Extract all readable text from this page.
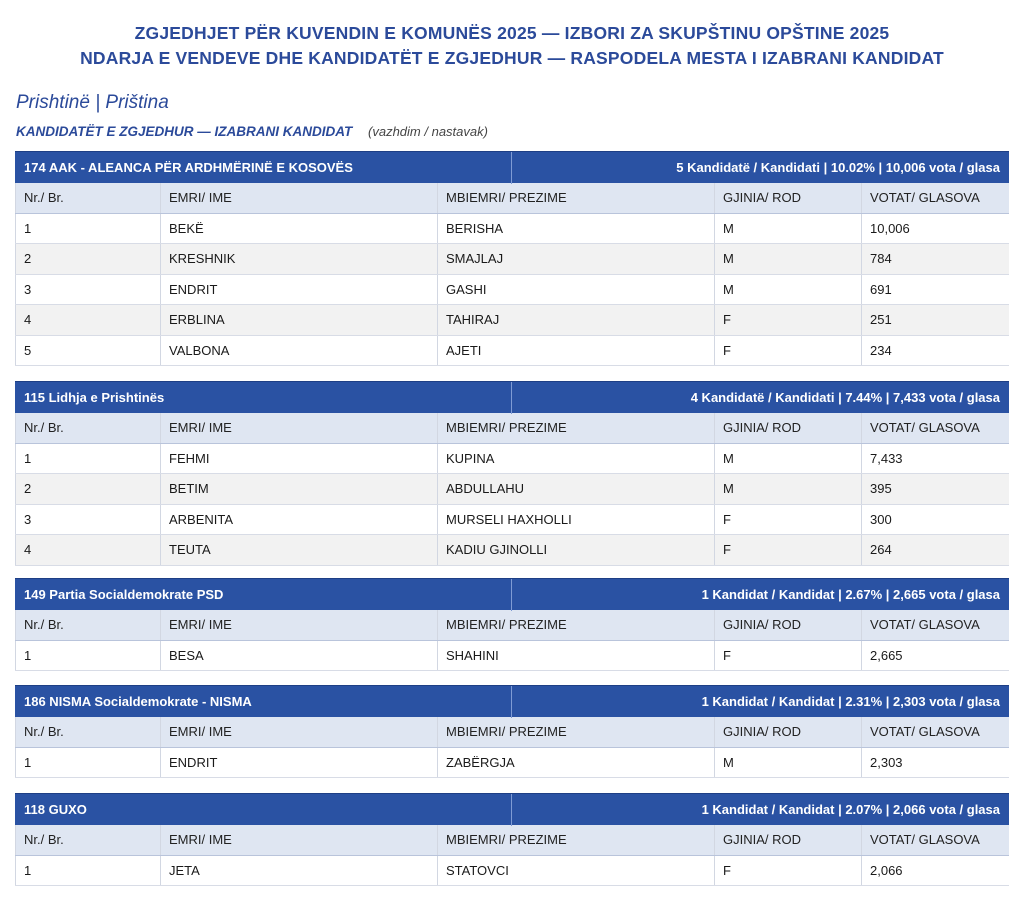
ZGJEDHJET PËR KUVENDIN E KOMUNËS 2025 — IZBORI ZA SKUPŠTINU OPŠTINE 2025
NDARJA E VENDEVE DHE KANDIDATËT E ZGJEDHUR — RASPODELA MESTA I IZABRANI KANDIDAT
Prishtinë | Priština
KANDIDATËT E ZGJEDHUR — IZABRANI KANDIDAT (vazhdim / nastavak)
174 AAK - ALEANCA PËR ARDHMËRINË E KOSOVËS	5 Kandidatë / Kandidati | 10.02% | 10,006 vota / glasa
Nr./ Br.	EMRI/ IME	MBIEMRI/ PREZIME	GJINIA/ ROD	VOTAT/ GLASOVA
1	BEKË	BERISHA	M	10,006
2	KRESHNIK	SMAJLAJ	M	784
3	ENDRIT	GASHI	M	691
4	ERBLINA	TAHIRAJ	F	251
5	VALBONA	AJETI	F	234
115 Lidhja e Prishtinës	4 Kandidatë / Kandidati | 7.44% | 7,433 vota / glasa
Nr./ Br.	EMRI/ IME	MBIEMRI/ PREZIME	GJINIA/ ROD	VOTAT/ GLASOVA
1	FEHMI	KUPINA	M	7,433
2	BETIM	ABDULLAHU	M	395
3	ARBENITA	MURSELI HAXHOLLI	F	300
4	TEUTA	KADIU GJINOLLI	F	264
149 Partia Socialdemokrate PSD	1 Kandidat / Kandidat | 2.67% | 2,665 vota / glasa
Nr./ Br.	EMRI/ IME	MBIEMRI/ PREZIME	GJINIA/ ROD	VOTAT/ GLASOVA
1	BESA	SHAHINI	F	2,665
186 NISMA Socialdemokrate - NISMA	1 Kandidat / Kandidat | 2.31% | 2,303 vota / glasa
Nr./ Br.	EMRI/ IME	MBIEMRI/ PREZIME	GJINIA/ ROD	VOTAT/ GLASOVA
1	ENDRIT	ZABËRGJA	M	2,303
118 GUXO	1 Kandidat / Kandidat | 2.07% | 2,066 vota / glasa
Nr./ Br.	EMRI/ IME	MBIEMRI/ PREZIME	GJINIA/ ROD	VOTAT/ GLASOVA
1	JETA	STATOVCI	F	2,066
